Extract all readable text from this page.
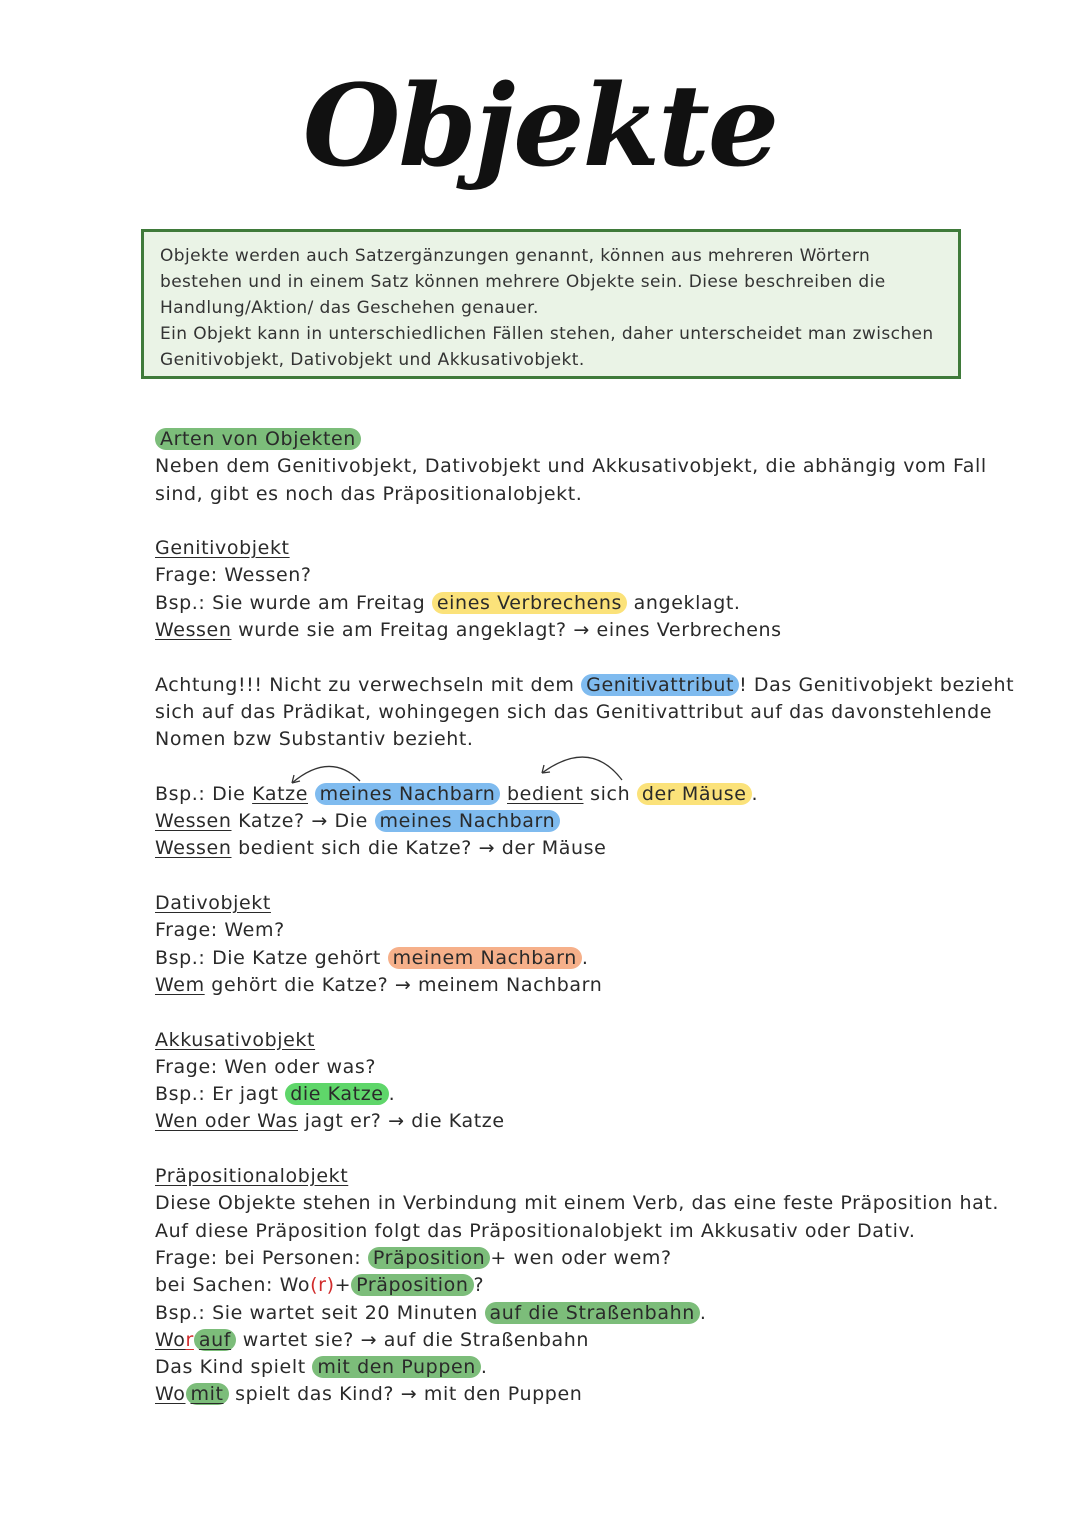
Objekte

Objekte werden auch Satzergänzungen genannt, können aus mehreren Wörtern

bestehen und in einem Satz können mehrere Objekte sein. Diese beschreiben die

Handlung/Aktion/ das Geschehen genauer.

Ein Objekt kann in unterschiedlichen Fällen stehen, daher unterscheidet man zwischen

Genitivobjekt, Dativobjekt und Akkusativobjekt.

Arten von Objekten
Neben dem Genitivobjekt, Dativobjekt und Akkusativobjekt, die abhängig vom Fall sind, gibt es noch das Präpositionalobjekt.
Genitivobjekt
Frage: Wessen?
Bsp.: Sie wurde am Freitag eines Verbrechens angeklagt.
Wessen wurde sie am Freitag angeklagt? → eines Verbrechens
Achtung!!! Nicht zu verwechseln mit dem Genitivattribut ! Das Genitivobjekt bezieht sich auf das Prädikat, wohingegen sich das Genitivattribut auf das davonstehlende Nomen bzw Substantiv bezieht.
Bsp.: Die Katze meines Nachbarn bedient sich der Mäuse .
Wessen Katze? → Die meines Nachbarn
Wessen bedient sich die Katze? → der Mäuse
Dativobjekt
Frage: Wem?
Bsp.: Die Katze gehört meinem Nachbarn .
Wem gehört die Katze? → meinem Nachbarn
Akkusativobjekt
Frage: Wen oder was?
Bsp.: Er jagt die Katze .
Wen oder Was jagt er? → die Katze
Präpositionalobjekt
Diese Objekte stehen in Verbindung mit einem Verb, das eine feste Präposition hat.
Auf diese Präposition folgt das Präpositionalobjekt im Akkusativ oder Dativ.
Frage: bei Personen: Präposition + wen oder wem?
bei Sachen: Wo(r)+ Präposition ?
Bsp.: Sie wartet seit 20 Minuten auf die Straßenbahn .
Wor auf wartet sie? → auf die Straßenbahn
Das Kind spielt mit den Puppen .
Wo mit spielt das Kind? → mit den Puppen
